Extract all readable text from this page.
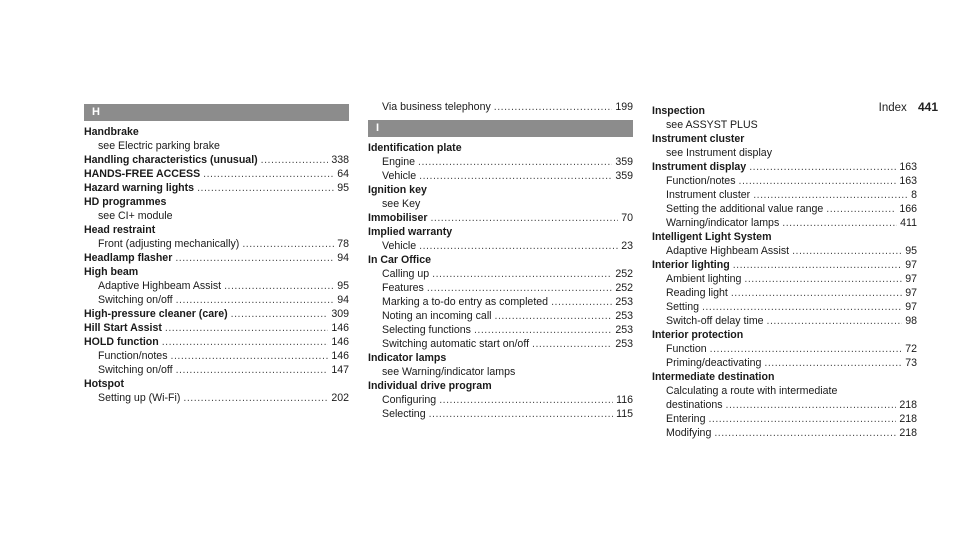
Index 441
H
Handbrake
see Electric parking brake
Handling characteristics (unusual) .....	338
HANDS-FREE ACCESS .....	64
Hazard warning lights .....	95
HD programmes
see CI+ module
Head restraint
Front (adjusting mechanically) .....	78
Headlamp flasher .....	94
High beam
Adaptive Highbeam Assist .....	95
Switching on/off .....	94
High-pressure cleaner (care) .....	309
Hill Start Assist .....	146
HOLD function .....	146
Function/notes .....	146
Switching on/off .....	147
Hotspot
Setting up (Wi-Fi) .....	202
Via business telephony .....	199
I
Identification plate
Engine .....	359
Vehicle .....	359
Ignition key
see Key
Immobiliser .....	70
Implied warranty
Vehicle .....	23
In Car Office
Calling up .....	252
Features .....	252
Marking a to-do entry as completed .....	253
Noting an incoming call .....	253
Selecting functions .....	253
Switching automatic start on/off .....	253
Indicator lamps
see Warning/indicator lamps
Individual drive program
Configuring .....	116
Selecting .....	115
Inspection
see ASSYST PLUS
Instrument cluster
see Instrument display
Instrument display .....	163
Function/notes .....	163
Instrument cluster .....	8
Setting the additional value range .....	166
Warning/indicator lamps .....	411
Intelligent Light System
Adaptive Highbeam Assist .....	95
Interior lighting .....	97
Ambient lighting .....	97
Reading light .....	97
Setting .....	97
Switch-off delay time .....	98
Interior protection
Function .....	72
Priming/deactivating .....	73
Intermediate destination
Calculating a route with intermediate
destinations .....	218
Entering .....	218
Modifying .....	218
